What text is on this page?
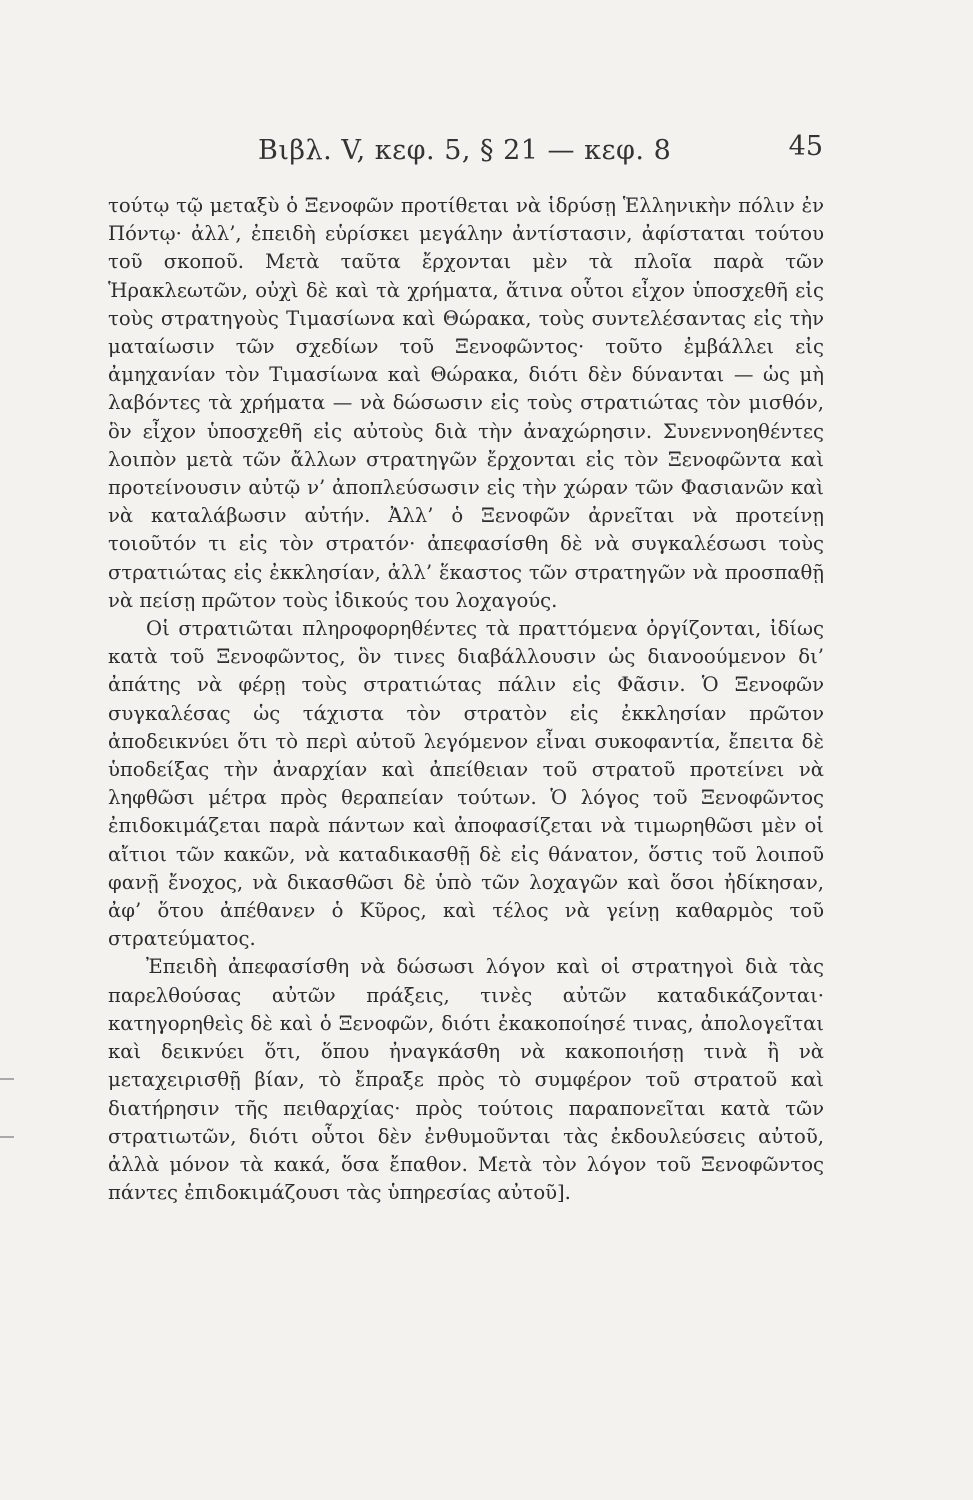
Βιβλ. V, κεφ. 5, § 21 — κεφ. 8	45

τούτῳ τῷ μεταξὺ ὁ Ξενοφῶν προτίθεται νὰ ἱδρύσῃ Ἑλληνικὴν πόλιν ἐν Πόντῳ· ἀλλ’, ἐπειδὴ εὑρίσκει μεγάλην ἀντίστασιν, ἀφίσταται τούτου τοῦ σκοποῦ. Μετὰ ταῦτα ἔρχονται μὲν τὰ πλοῖα παρὰ τῶν Ἡρακλεωτῶν, οὐχὶ δὲ καὶ τὰ χρήματα, ἅτινα οὗτοι εἶχον ὑποσχεθῆ εἰς τοὺς στρατηγοὺς Τιμασίωνα καὶ Θώρακα, τοὺς συντελέσαντας εἰς τὴν ματαίωσιν τῶν σχεδίων τοῦ Ξενοφῶντος· τοῦτο ἐμβάλλει εἰς ἀμηχανίαν τὸν Τιμασίωνα καὶ Θώρακα, διότι δὲν δύνανται — ὡς μὴ λαβόντες τὰ χρήματα — νὰ δώσωσιν εἰς τοὺς στρατιώτας τὸν μισθόν, ὃν εἶχον ὑποσχεθῆ εἰς αὐτοὺς διὰ τὴν ἀναχώρησιν. Συνεννοηθέντες λοιπὸν μετὰ τῶν ἄλλων στρατηγῶν ἔρχονται εἰς τὸν Ξενοφῶντα καὶ προτείνουσιν αὐτῷ ν’ ἀποπλεύσωσιν εἰς τὴν χώραν τῶν Φασιανῶν καὶ νὰ καταλάβωσιν αὐτήν. Ἀλλ’ ὁ Ξενοφῶν ἀρνεῖται νὰ προτείνῃ τοιοῦτόν τι εἰς τὸν στρατόν· ἀπεφασίσθη δὲ νὰ συγκαλέσωσι τοὺς στρατιώτας εἰς ἐκκλησίαν, ἀλλ’ ἕκαστος τῶν στρατηγῶν νὰ προσπαθῇ νὰ πείσῃ πρῶτον τοὺς ἰδικούς του λοχαγούς.

Οἱ στρατιῶται πληροφορηθέντες τὰ πραττόμενα ὀργίζονται, ἰδίως κατὰ τοῦ Ξενοφῶντος, ὃν τινες διαβάλλουσιν ὡς διανοούμενον δι’ ἀπάτης νὰ φέρῃ τοὺς στρατιώτας πάλιν εἰς Φᾶσιν. Ὁ Ξενοφῶν συγκαλέσας ὡς τάχιστα τὸν στρατὸν εἰς ἐκκλησίαν πρῶτον ἀποδεικνύει ὅτι τὸ περὶ αὐτοῦ λεγόμενον εἶναι συκοφαντία, ἔπειτα δὲ ὑποδείξας τὴν ἀναρχίαν καὶ ἀπείθειαν τοῦ στρατοῦ προτείνει νὰ ληφθῶσι μέτρα πρὸς θεραπείαν τούτων. Ὁ λόγος τοῦ Ξενοφῶντος ἐπιδοκιμάζεται παρὰ πάντων καὶ ἀποφασίζεται νὰ τιμωρηθῶσι μὲν οἱ αἴτιοι τῶν κακῶν, νὰ καταδικασθῇ δὲ εἰς θάνατον, ὅστις τοῦ λοιποῦ φανῇ ἔνοχος, νὰ δικασθῶσι δὲ ὑπὸ τῶν λοχαγῶν καὶ ὅσοι ἠδίκησαν, ἀφ’ ὅτου ἀπέθανεν ὁ Κῦρος, καὶ τέλος νὰ γείνῃ καθαρμὸς τοῦ στρατεύματος.

Ἐπειδὴ ἀπεφασίσθη νὰ δώσωσι λόγον καὶ οἱ στρατηγοὶ διὰ τὰς παρελθούσας αὐτῶν πράξεις, τινὲς αὐτῶν καταδικάζονται· κατηγορηθεὶς δὲ καὶ ὁ Ξενοφῶν, διότι ἐκακοποίησέ τινας, ἀπολογεῖται καὶ δεικνύει ὅτι, ὅπου ἠναγκάσθη νὰ κακοποιήσῃ τινὰ ἢ νὰ μεταχειρισθῇ βίαν, τὸ ἔπραξε πρὸς τὸ συμφέρον τοῦ στρατοῦ καὶ διατήρησιν τῆς πειθαρχίας· πρὸς τούτοις παραπονεῖται κατὰ τῶν στρατιωτῶν, διότι οὗτοι δὲν ἐνθυμοῦνται τὰς ἐκδουλεύσεις αὐτοῦ, ἀλλὰ μόνον τὰ κακά, ὅσα ἔπαθον. Μετὰ τὸν λόγον τοῦ Ξενοφῶντος πάντες ἐπιδοκιμάζουσι τὰς ὑπηρεσίας αὐτοῦ].
